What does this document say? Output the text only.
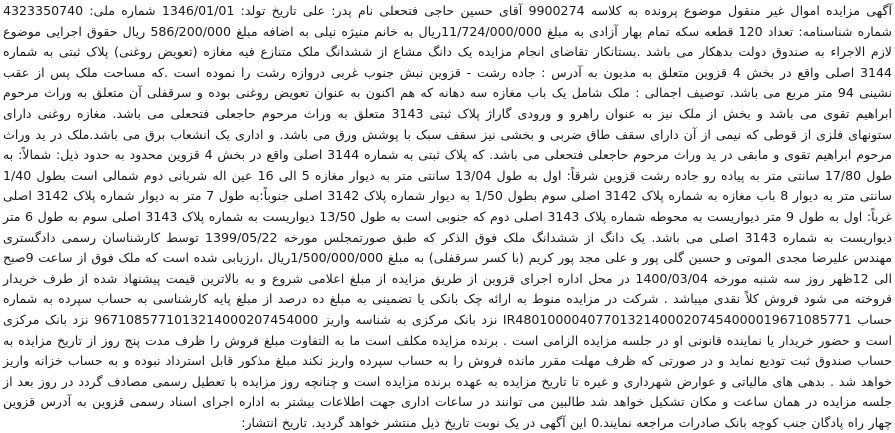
آگهی مزایده اموال غیر منقول موضوع پرونده به کلاسه 9900274 آقای حسین حاجی فتحعلی نام پدر: علی تاریخ تولد: 1346/01/01 شماره ملی: 4323350740 شماره شناسنامه: تعداد 120 قطعه سکه تمام بهار آزادی به مبلغ 11/724/000/000ریال به خانم منیژه نیلی به اضافه مبلغ 586/200/000 ریال حقوق اجرایی موضوع لازم الاجراء به صندوق دولت بدهکار می باشد .بستانکار تقاضای انجام مزایده یک دانگ مشاع از ششدانگ ملک متنازع فیه مغازه (تعویض روغنی) پلاک ثبتی به شماره 3144 اصلی واقع در بخش 4 قزوین متعلق به مدیون به آدرس : جاده رشت - قزوین نبش جنوب غربی دروازه رشت را نموده است .که مساحت ملک پس از عقب نشینی 94 متر مربع می باشد. توصیف اجمالی : ملک شامل یک باب مغازه سه دهانه که هم اکنون به عنوان تعویض روغنی بوده و سرقفلی آن متعلق به وراث مرحوم ابراهیم تقوی می باشد و بخش از ملک نیز به عنوان راهرو و ورودی گاراژ پلاک ثبتی 3143 متعلق به وراث مرحوم حاجعلی فتحعلی می باشد. مغازه روغنی دارای ستونهای فلزی از قوطی که نیمی از آن دارای سقف طاق ضربی و بخشی نیز سقف سبک با پوشش ورق می باشد. و اداری یک انشعاب برق می باشد.ملک در ید وراث مرحوم ابراهیم تقوی و مابقی در ید وراث مرحوم حاجعلی فتحعلی می باشد. که پلاک ثبتی به شماره 3144 اصلی واقع در بخش 4 قزوین محدود به حدود ذیل: شمالاً: به طول 17/80 سانتی متر به پیاده رو جاده رشت قزوین شرقاً: اول به طول 13/04 سانتی متر به دیوار مغازه 5 الی 16 عین اله شریانی دوم شمالی است بطول 1/40 سانتی متر به دیوار 8 باب مغازه به شماره پلاک 3142 اصلی سوم بطول 1/50 به دیوار شماره پلاک 3142 اصلی جنوباً:به طول 7 متر به دیوار شماره پلاک 3142 اصلی غرباً: اول به طول 9 متر دیواریست به محوطه شماره پلاک 3143 اصلی دوم که جنوبی است به طول 13/50 دیواریست به شماره پلاک 3143 اصلی سوم به طول 6 متر دیواریست به شماره 3143 اصلی می باشد. یک دانگ از ششدانگ ملک فوق الذکر که طبق صورتمجلس مورخه 1399/05/22 توسط کارشناسان رسمی دادگستری مهندس علیرضا مجدی الموتی و حسین گلی پور و علی مجد پور کریم (با کسر سرقفلی) به مبلغ 1/500/000/000ریال ،ارزیابی شده است که ملک فوق از ساعت 9صبح الی 12ظهر روز سه شنبه مورخه 1400/03/04 در محل اداره اجرای قزوین از طریق مزایده از مبلغ اعلامی شروع و به بالاترین قیمت پیشنهاد شده از طرف خریدار فروخته می شود فروش کلاً نقدی میباشد . شرکت در مزایده منوط به ارائه چک بانکی یا تضمینی به مبلغ ده درصد از مبلغ پایه کارشناسی به حساب سپرده به شماره حساب IR480100004077013214000207454000019671085771 نزد بانک مرکزی به شناسه واریز 9671085771013214000207454000 نزد بانک مرکزی است و حضور خریدار یا نماینده قانونی او در جلسه مزایده الزامی است . برنده مزایده مکلف است ما به التفاوت مبلغ فروش را ظرف مدت پنج روز از تاریخ مزایده به حساب صندوق ثبت تودیع نماید و در صورتی که ظرف مهلت مقرر مانده فروش را به حساب سپرده واریز نکند مبلغ مذکور قابل استرداد نبوده و به حساب خزانه واریز خواهد شد . بدهی های مالیاتی و عوارض شهرداری و غیره تا تاریخ مزایده به عهده برنده مزایده است و چنانچه روز مزایده با تعطیل رسمی مصادف گردد در روز بعد از جلسه مزایده در همان ساعت و مکان تشکیل خواهد شد طالبین می توانند در ساعات اداری جهت اطلاعات بیشتر به اداره اجرای اسناد رسمی قزوین به آدرس قزوین چهار راه پادگان جنب کوچه بانک صادرات مراجعه نمایند.0 این آگهی در یک نوبت تاریخ ذیل منتشر خواهد گردید. تاریخ انتشار:
